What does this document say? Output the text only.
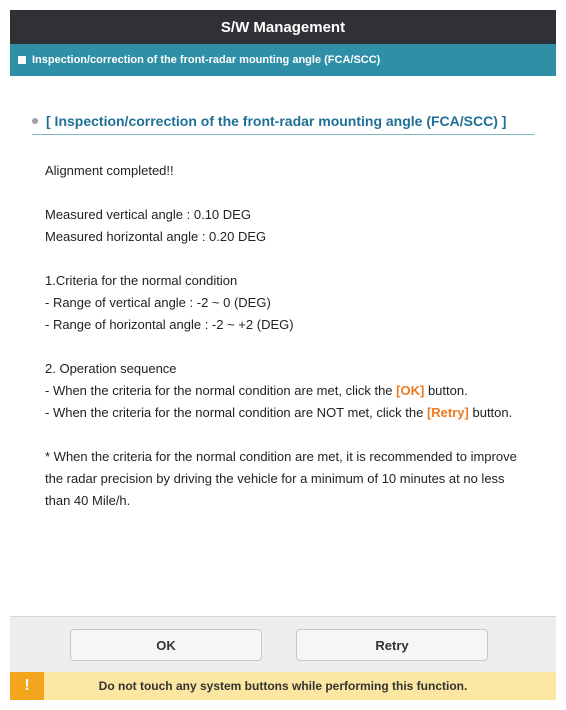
S/W Management
Inspection/correction of the front-radar mounting angle (FCA/SCC)
[ Inspection/correction of the front-radar mounting angle (FCA/SCC) ]
Alignment completed!!
Measured vertical angle : 0.10 DEG
Measured horizontal angle : 0.20 DEG
1.Criteria for the normal condition
- Range of vertical angle : -2 ~ 0 (DEG)
- Range of horizontal angle : -2 ~ +2 (DEG)
2. Operation sequence
- When the criteria for the normal condition are met, click the [OK] button.
- When the criteria for the normal condition are NOT met, click the [Retry] button.
* When the criteria for the normal condition are met, it is recommended to improve the radar precision by driving the vehicle for a minimum of 10 minutes at no less than 40 Mile/h.
OK	Retry
!	Do not touch any system buttons while performing this function.
